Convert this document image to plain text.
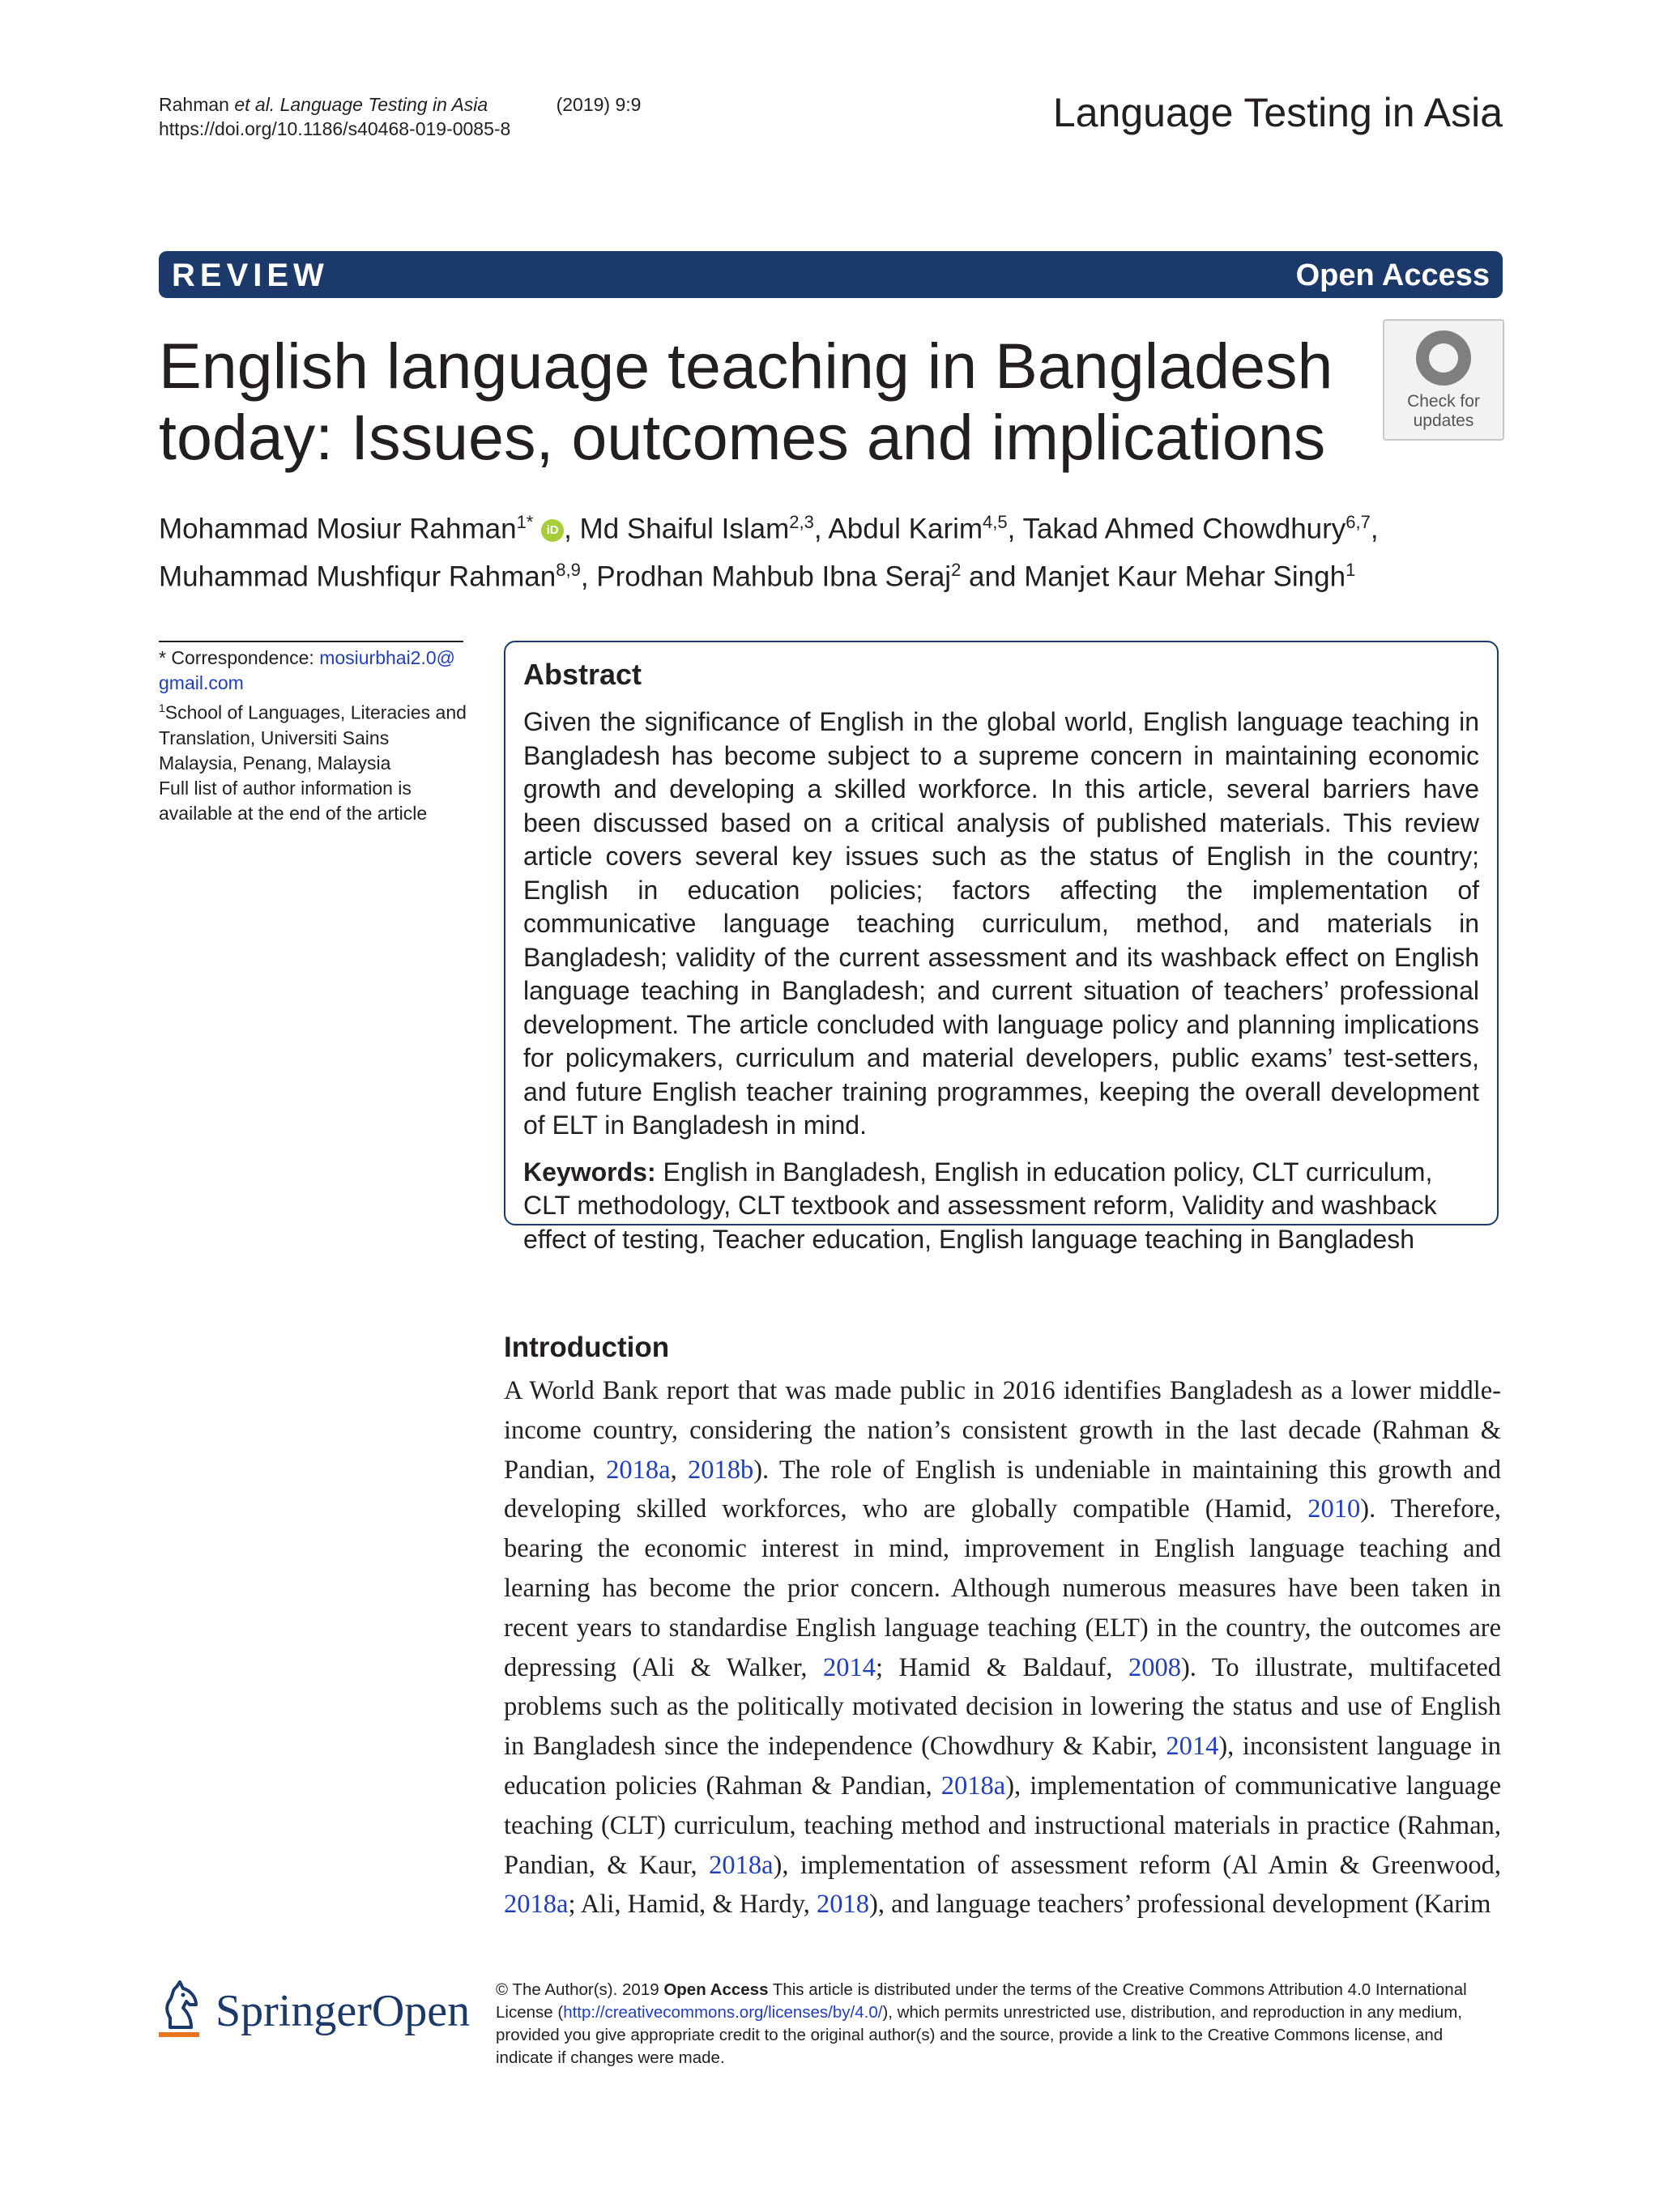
Rahman et al. Language Testing in Asia	(2019) 9:9
https://doi.org/10.1186/s40468-019-0085-8	Language Testing in Asia
REVIEW	Open Access
English language teaching in Bangladesh
today: Issues, outcomes and implications	Check for
updates
Mohammad Mosiur Rahman$^{1*}$ iD , Md Shaiful Islam$^{2,3}$, Abdul Karim$^{4,5}$, Takad Ahmed Chowdhury$^{6,7}$,
Muhammad Mushfiqur Rahman$^{8,9}$, Prodhan Mahbub Ibna Seraj$^2$ and Manjet Kaur Mehar Singh$^1$
* Correspondence: mosiurbhai2.0@
gmail.com
$^1$School of Languages, Literacies and Translation, Universiti Sains Malaysia, Penang, Malaysia
Full list of author information is available at the end of the article
Abstract

Given the significance of English in the global world, English language teaching in Bangladesh has become subject to a supreme concern in maintaining economic growth and developing a skilled workforce. In this article, several barriers have been discussed based on a critical analysis of published materials. This review article covers several key issues such as the status of English in the country; English in education policies; factors affecting the implementation of communicative language teaching curriculum, method, and materials in Bangladesh; validity of the current assessment and its washback effect on English language teaching in Bangladesh; and current situation of teachers’ professional development. The article concluded with language policy and planning implications for policymakers, curriculum and material developers, public exams’ test-setters, and future English teacher training programmes, keeping the overall development of ELT in Bangladesh in mind.

Keywords: English in Bangladesh, English in education policy, CLT curriculum, CLT methodology, CLT textbook and assessment reform, Validity and washback effect of testing, Teacher education, English language teaching in Bangladesh

Introduction

A World Bank report that was made public in 2016 identifies Bangladesh as a lower middle-income country, considering the nation’s consistent growth in the last decade (Rahman & Pandian, 2018a, 2018b). The role of English is undeniable in maintaining this growth and developing skilled workforces, who are globally compatible (Hamid, 2010). Therefore, bearing the economic interest in mind, improvement in English language teaching and learning has become the prior concern. Although numerous measures have been taken in recent years to standardise English language teaching (ELT) in the country, the outcomes are depressing (Ali & Walker, 2014; Hamid & Baldauf, 2008). To illustrate, multifaceted problems such as the politically motivated decision in lowering the status and use of English in Bangladesh since the independence (Chowdhury & Kabir, 2014), inconsistent language in education policies (Rahman & Pandian, 2018a), implementation of communicative language teaching (CLT) curriculum, teaching method and instructional materials in practice (Rahman, Pandian, & Kaur, 2018a), implementation of assessment reform (Al Amin & Greenwood, 2018a; Ali, Hamid, & Hardy, 2018), and language teachers’ professional development (Karim

SpringerOpen © The Author(s). 2019 Open Access This article is distributed under the terms of the Creative Commons Attribution 4.0 International License (http://creativecommons.org/licenses/by/4.0/), which permits unrestricted use, distribution, and reproduction in any medium, provided you give appropriate credit to the original author(s) and the source, provide a link to the Creative Commons license, and indicate if changes were made.
